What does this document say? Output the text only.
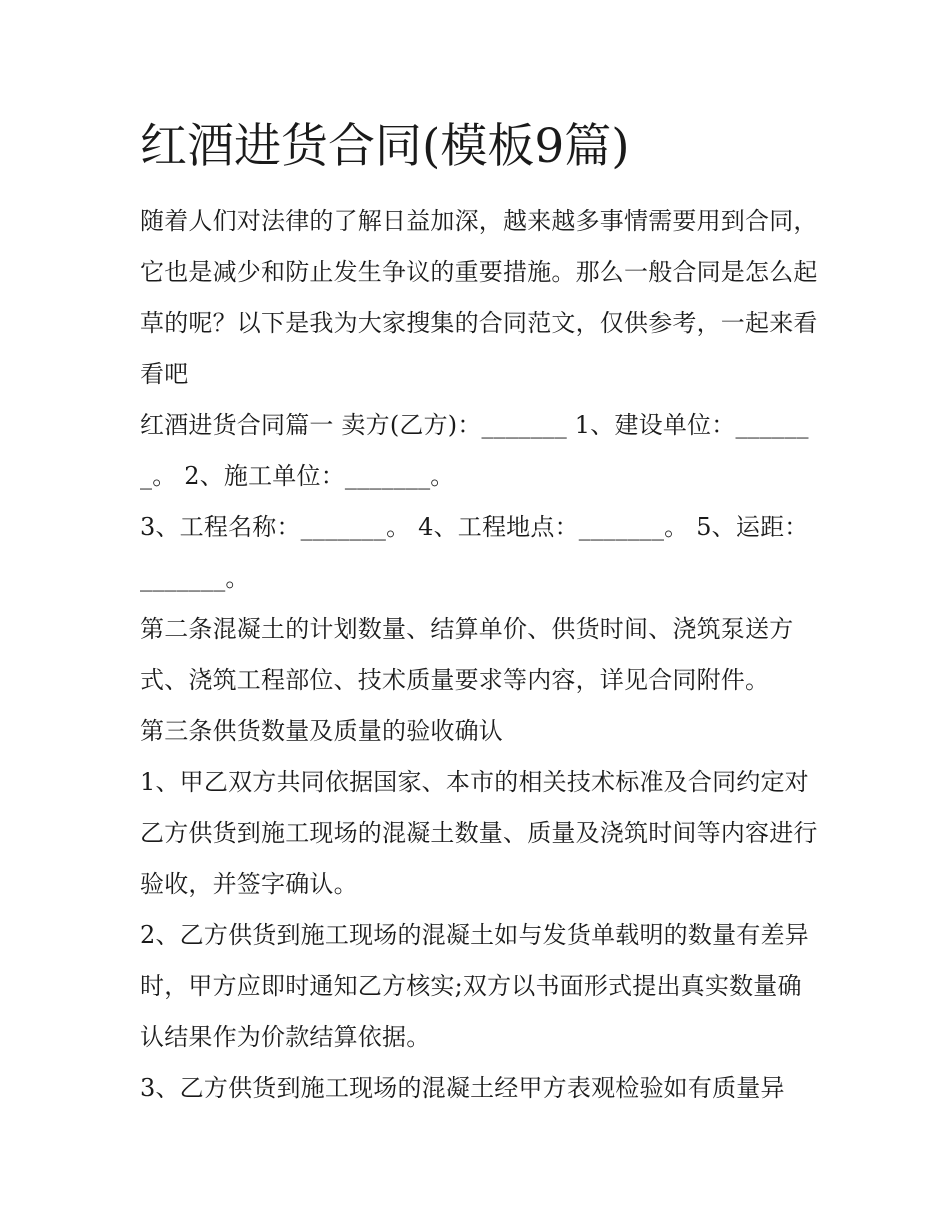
红酒进货合同(模板9篇)

随着人们对法律的了解日益加深，越来越多事情需要用到合同，它也是减少和防止发生争议的重要措施。那么一般合同是怎么起草的呢？以下是我为大家搜集的合同范文，仅供参考，一起来看看吧

红酒进货合同篇一 卖方(乙方)：_______ 1、建设单位：_______。 2、施工单位：_______。

3、工程名称：_______。 4、工程地点：_______。 5、运距：_______。

第二条混凝土的计划数量、结算单价、供货时间、浇筑泵送方式、浇筑工程部位、技术质量要求等内容，详见合同附件。

第三条供货数量及质量的验收确认

1、甲乙双方共同依据国家、本市的相关技术标准及合同约定对乙方供货到施工现场的混凝土数量、质量及浇筑时间等内容进行验收，并签字确认。

2、乙方供货到施工现场的混凝土如与发货单载明的数量有差异时，甲方应即时通知乙方核实;双方以书面形式提出真实数量确认结果作为价款结算依据。

3、乙方供货到施工现场的混凝土经甲方表观检验如有质量异
